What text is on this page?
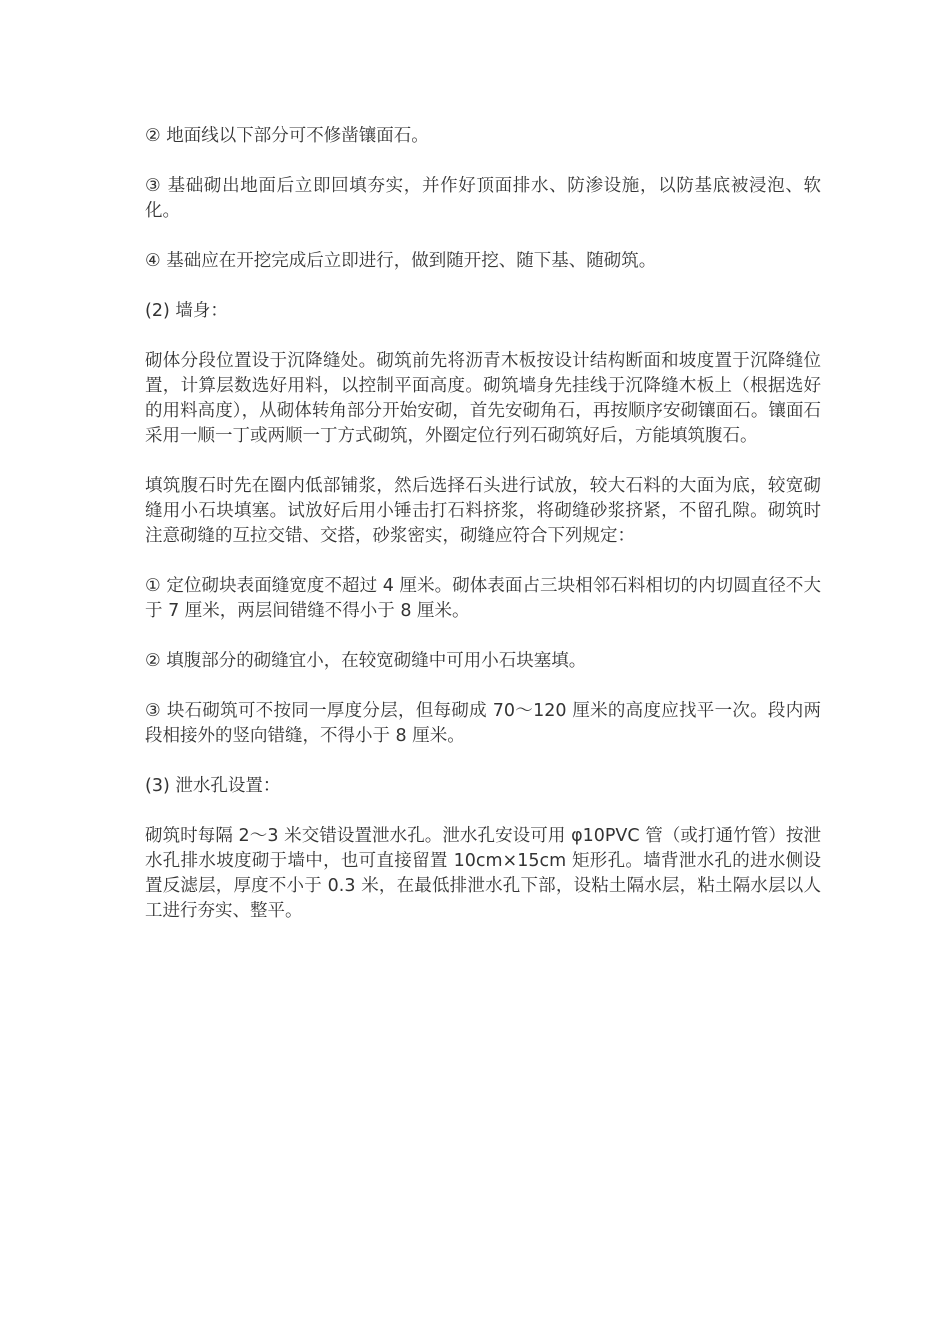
② 地面线以下部分可不修凿镶面石。

③ 基础砌出地面后立即回填夯实，并作好顶面排水、防渗设施，以防基底被浸泡、软化。

④ 基础应在开挖完成后立即进行，做到随开挖、随下基、随砌筑。

(2) 墙身：

砌体分段位置设于沉降缝处。砌筑前先将沥青木板按设计结构断面和坡度置于沉降缝位置，计算层数选好用料，以控制平面高度。砌筑墙身先挂线于沉降缝木板上（根据选好的用料高度），从砌体转角部分开始安砌，首先安砌角石，再按顺序安砌镶面石。镶面石采用一顺一丁或两顺一丁方式砌筑，外圈定位行列石砌筑好后，方能填筑腹石。

填筑腹石时先在圈内低部铺浆，然后选择石头进行试放，较大石料的大面为底，较宽砌缝用小石块填塞。试放好后用小锤击打石料挤浆，将砌缝砂浆挤紧，不留孔隙。砌筑时注意砌缝的互拉交错、交搭，砂浆密实，砌缝应符合下列规定：

① 定位砌块表面缝宽度不超过 4 厘米。砌体表面占三块相邻石料相切的内切圆直径不大于 7 厘米，两层间错缝不得小于 8 厘米。

② 填腹部分的砌缝宜小，在较宽砌缝中可用小石块塞填。

③ 块石砌筑可不按同一厚度分层，但每砌成 70～120 厘米的高度应找平一次。段内两段相接外的竖向错缝，不得小于 8 厘米。

(3) 泄水孔设置：

砌筑时每隔 2～3 米交错设置泄水孔。泄水孔安设可用 φ10PVC 管（或打通竹管）按泄水孔排水坡度砌于墙中，也可直接留置 10cm×15cm 矩形孔。墙背泄水孔的进水侧设置反滤层，厚度不小于 0.3 米，在最低排泄水孔下部，设粘土隔水层，粘土隔水层以人工进行夯实、整平。
